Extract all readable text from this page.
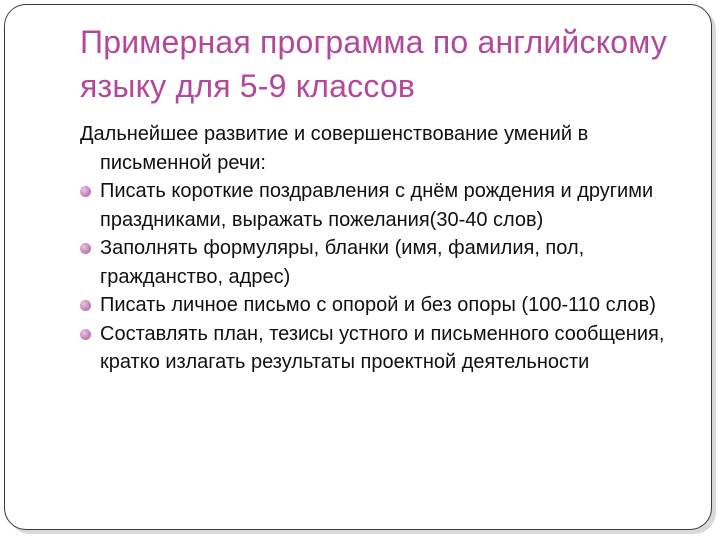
Примерная программа по английскому языку для 5-9 классов

Дальнейшее развитие и совершенствование умений в письменной речи:

Писать короткие поздравления с днём рождения и другими праздниками, выражать пожелания(30-40 слов)
Заполнять формуляры, бланки (имя, фамилия, пол, гражданство, адрес)
Писать личное письмо с опорой и без опоры (100-110 слов)
Составлять план, тезисы устного и письменного сообщения, кратко излагать результаты проектной деятельности
